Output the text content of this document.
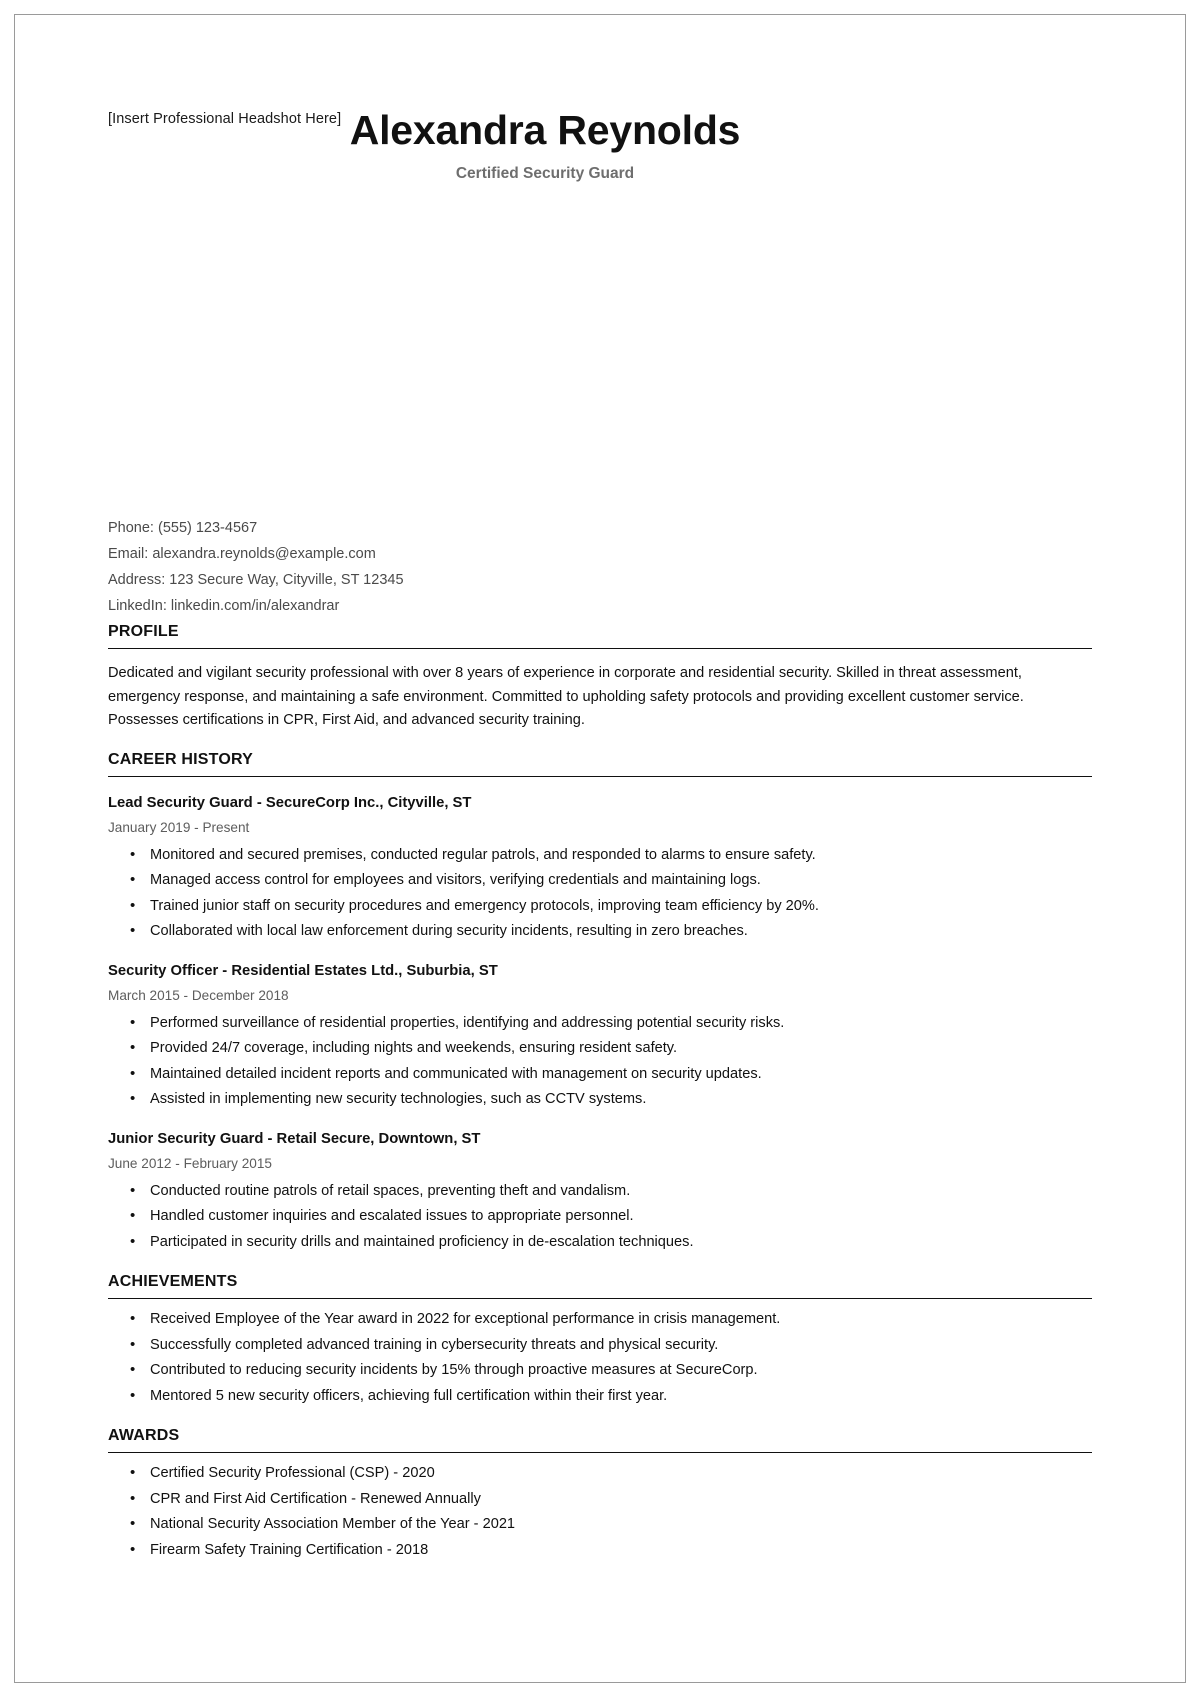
[Insert Professional Headshot Here] Alexandra Reynolds
Certified Security Guard
Phone: (555) 123-4567
Email: alexandra.reynolds@example.com
Address: 123 Secure Way, Cityville, ST 12345
LinkedIn: linkedin.com/in/alexandrar
PROFILE

Dedicated and vigilant security professional with over 8 years of experience in corporate and residential security. Skilled in threat assessment, emergency response, and maintaining a safe environment. Committed to upholding safety protocols and providing excellent customer service. Possesses certifications in CPR, First Aid, and advanced security training.

CAREER HISTORY
Lead Security Guard - SecureCorp Inc., Cityville, ST
January 2019 - Present
• Monitored and secured premises, conducted regular patrols, and responded to alarms to ensure safety.
• Managed access control for employees and visitors, verifying credentials and maintaining logs.
• Trained junior staff on security procedures and emergency protocols, improving team efficiency by 20%.
• Collaborated with local law enforcement during security incidents, resulting in zero breaches.
Security Officer - Residential Estates Ltd., Suburbia, ST
March 2015 - December 2018
• Performed surveillance of residential properties, identifying and addressing potential security risks.
• Provided 24/7 coverage, including nights and weekends, ensuring resident safety.
• Maintained detailed incident reports and communicated with management on security updates.
• Assisted in implementing new security technologies, such as CCTV systems.
Junior Security Guard - Retail Secure, Downtown, ST
June 2012 - February 2015
• Conducted routine patrols of retail spaces, preventing theft and vandalism.
• Handled customer inquiries and escalated issues to appropriate personnel.
• Participated in security drills and maintained proficiency in de-escalation techniques.
ACHIEVEMENTS
• Received Employee of the Year award in 2022 for exceptional performance in crisis management.
• Successfully completed advanced training in cybersecurity threats and physical security.
• Contributed to reducing security incidents by 15% through proactive measures at SecureCorp.
• Mentored 5 new security officers, achieving full certification within their first year.
AWARDS
• Certified Security Professional (CSP) - 2020
• CPR and First Aid Certification - Renewed Annually
• National Security Association Member of the Year - 2021
• Firearm Safety Training Certification - 2018
